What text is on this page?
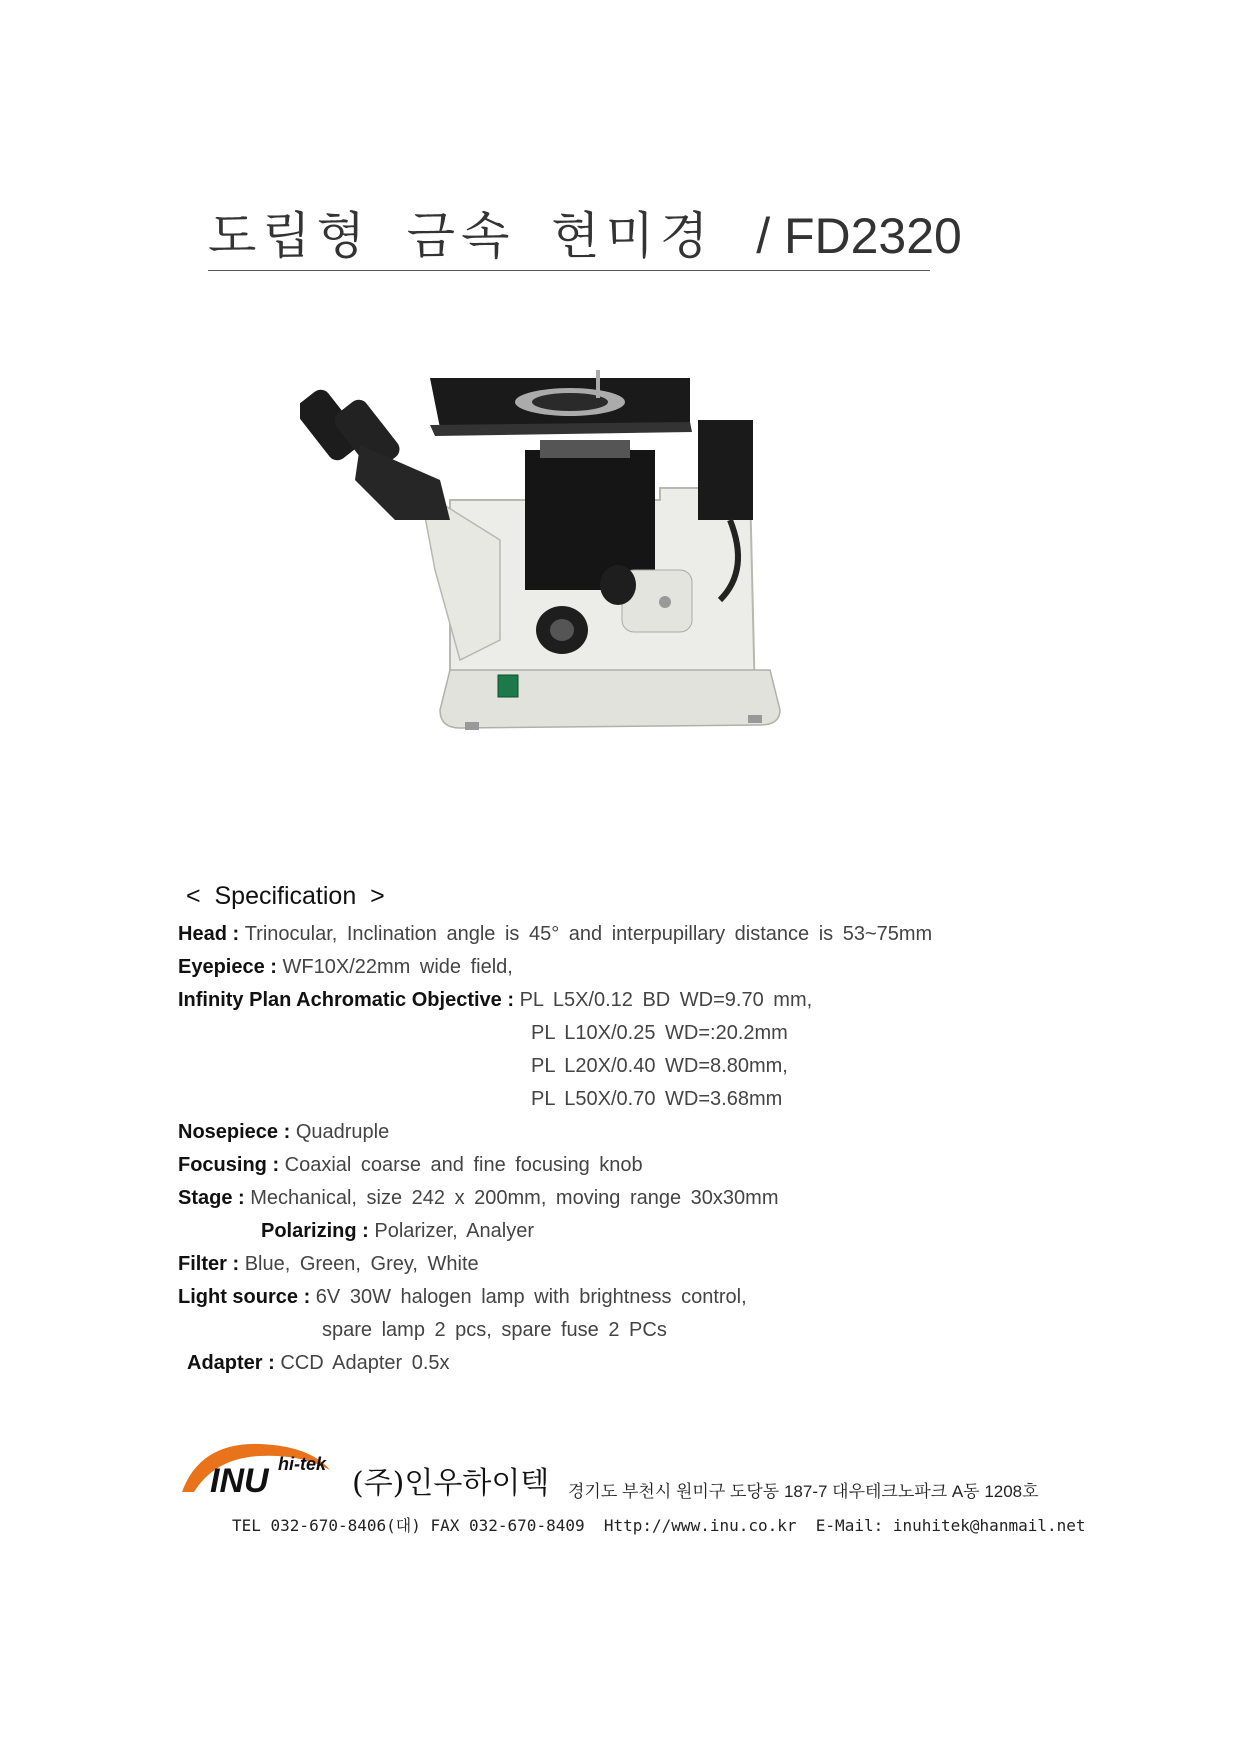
도립형 금속 현미경 / FD2320
<  Specification  >
Head : Trinocular, Inclination angle is 45° and interpupillary distance is 53~75mm
Eyepiece : WF10X/22mm wide field,
Infinity Plan Achromatic Objective : PL L5X/0.12 BD WD=9.70 mm,
PL L10X/0.25 WD=:20.2mm
PL L20X/0.40 WD=8.80mm,
PL L50X/0.70 WD=3.68mm
Nosepiece : Quadruple
Focusing : Coaxial coarse and fine focusing knob
Stage : Mechanical, size 242 x 200mm, moving range 30x30mm
Polarizing : Polarizer, Analyer
Filter : Blue, Green, Grey, White
Light source : 6V 30W halogen lamp with brightness control,
spare lamp 2 pcs, spare fuse 2 PCs
Adapter : CCD Adapter 0.5x
INU hi-tek
(주)인우하이텍 경기도 부천시 원미구 도당동 187-7 대우테크노파크 A동 1208호
TEL 032-670-8406(대) FAX 032-670-8409  Http://www.inu.co.kr  E-Mail: inuhitek@hanmail.net
